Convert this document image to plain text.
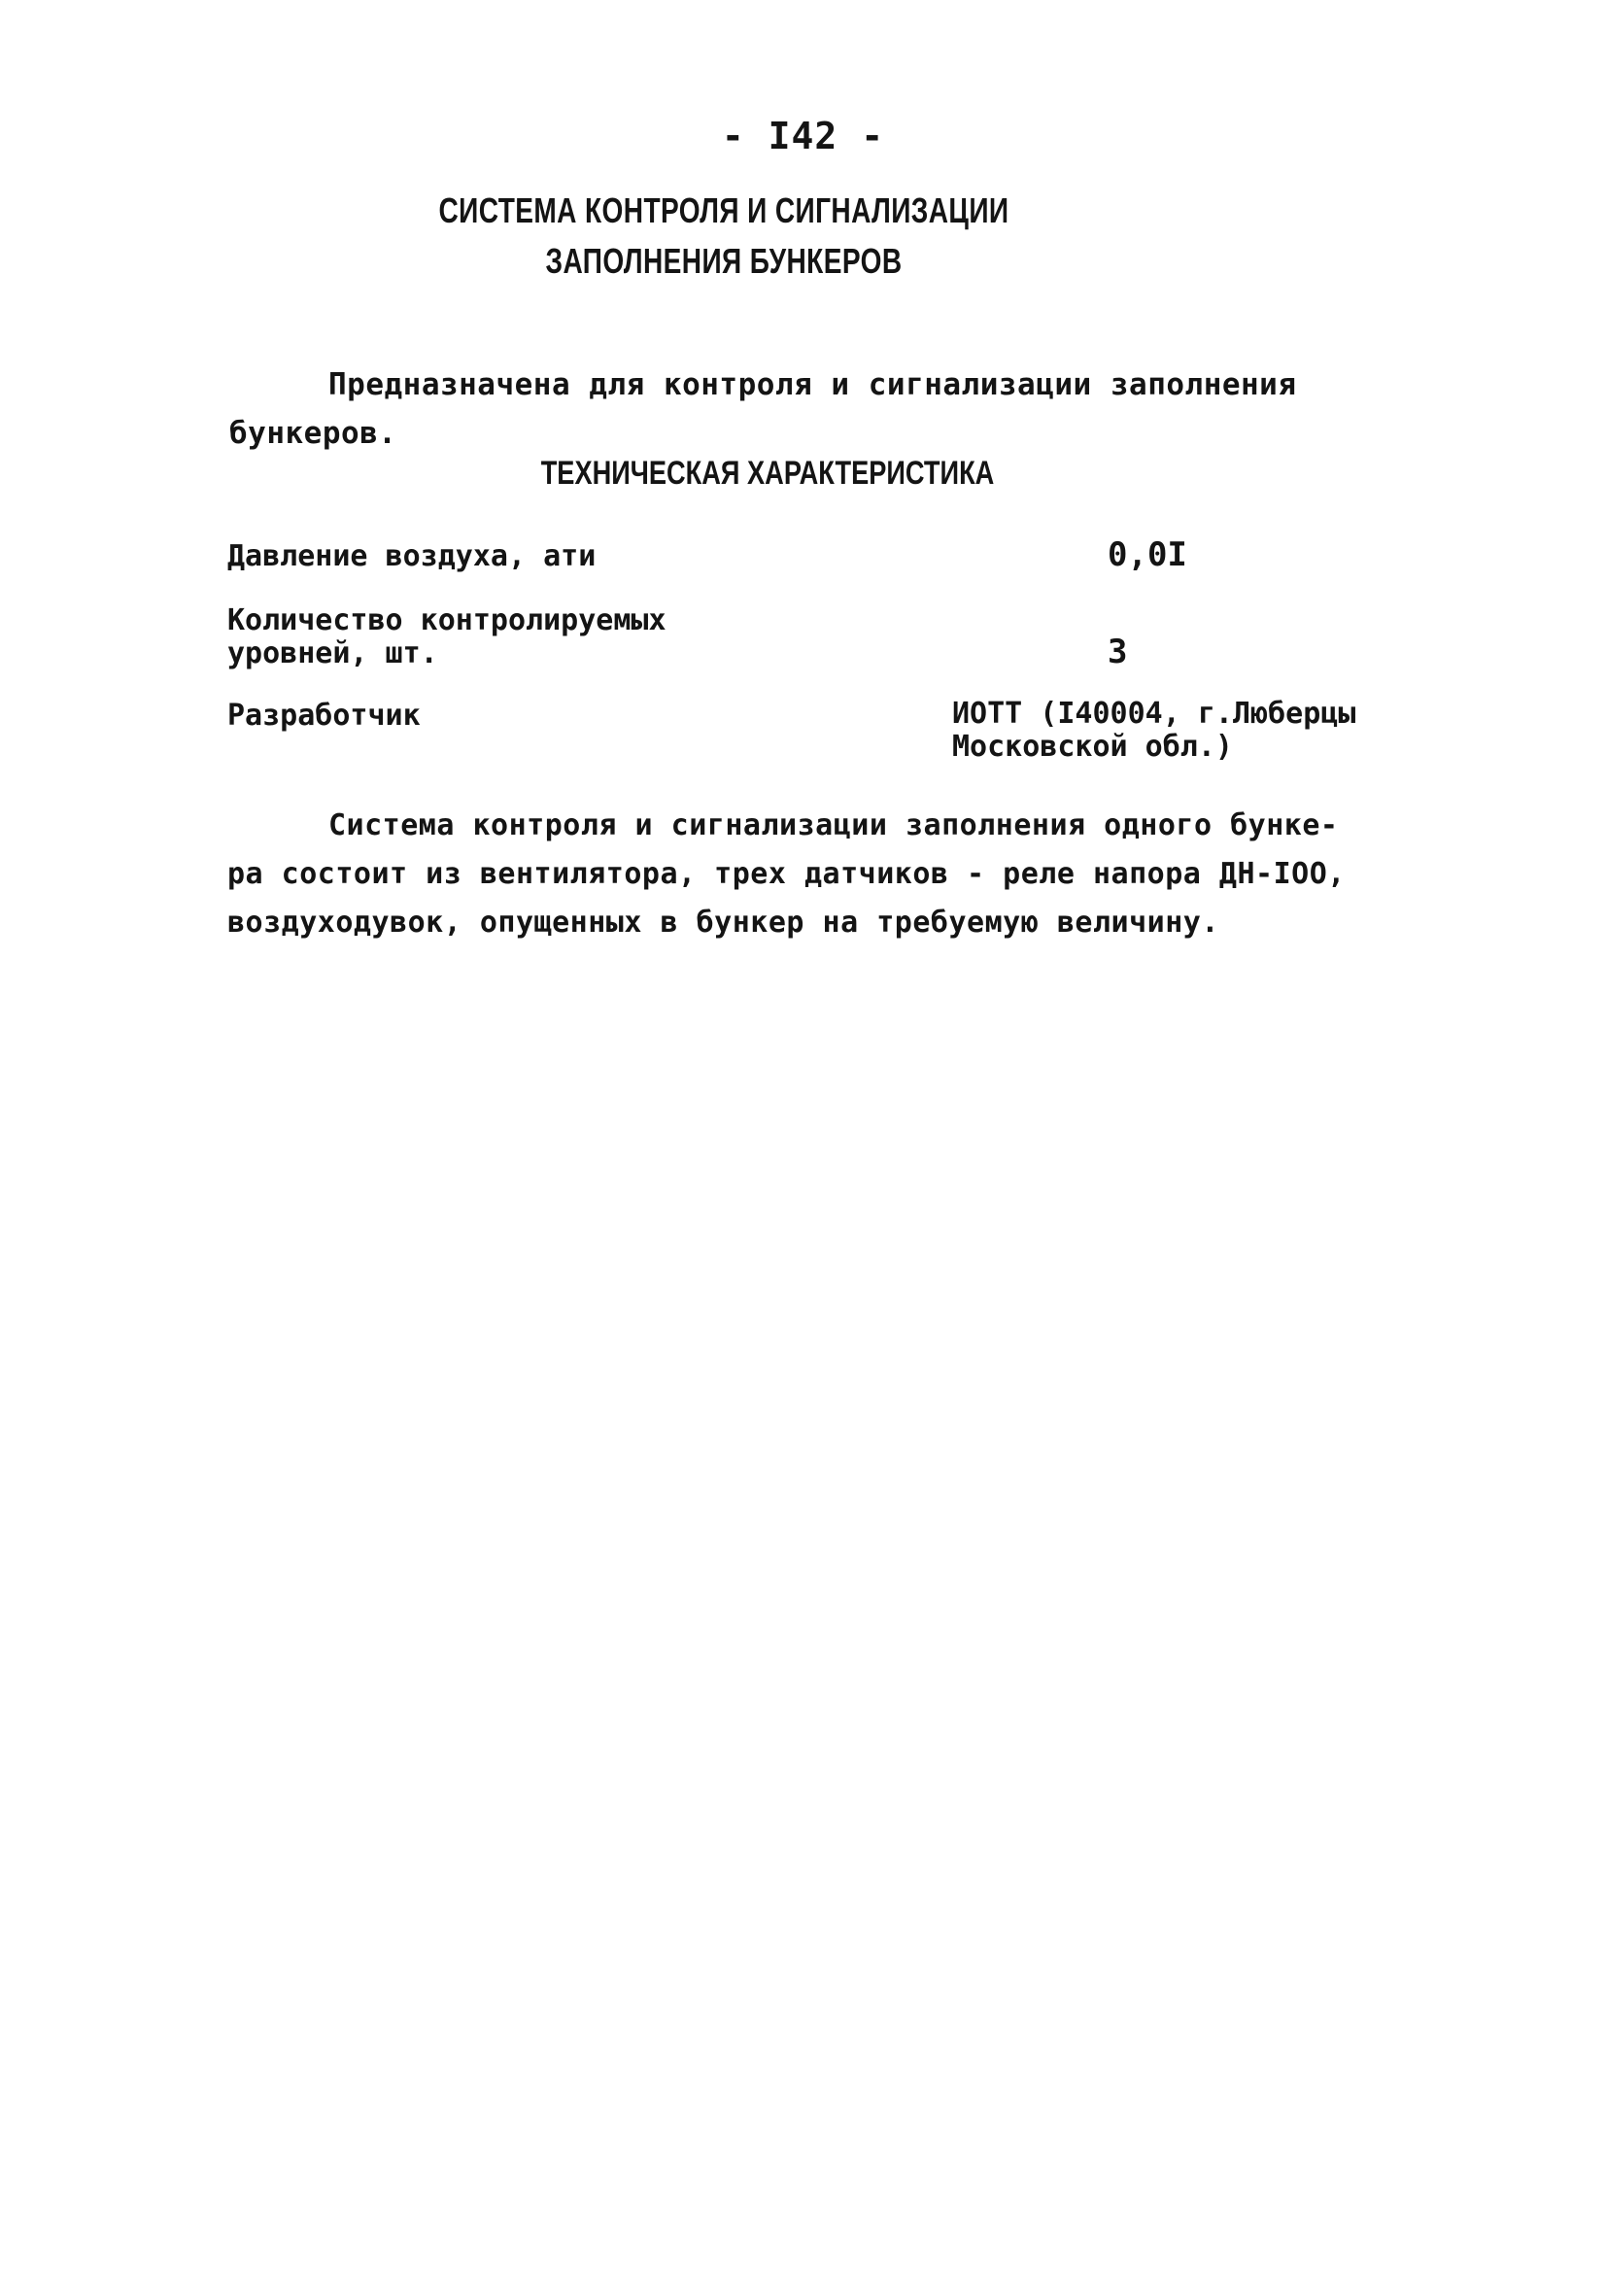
- I42 -
СИСТЕМА КОНТРОЛЯ И СИГНАЛИЗАЦИИ
ЗАПОЛНЕНИЯ БУНКЕРОВ
Предназначена для контроля и сигнализации заполнения
бункеров.
ТЕХНИЧЕСКАЯ ХАРАКТЕРИСТИКА
Давление воздуха, ати	0,0I
Количество контролируемых
уровней, шт.	3
Разработчик	ИОТТ (I40004, г.Люберцы
Московской обл.)
Система контроля и сигнализации заполнения одного бунке-
ра состоит из вентилятора, трех датчиков - реле напора ДН-IОО,
воздуходувок, опущенных в бункер на требуемую величину.
